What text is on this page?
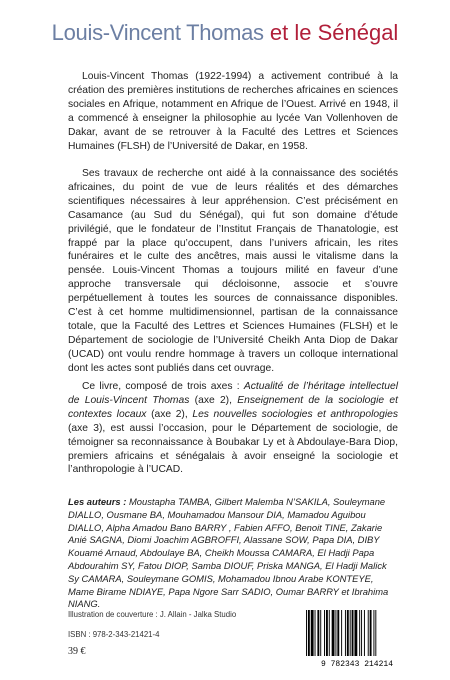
Louis-Vincent Thomas et le Sénégal

Louis-Vincent Thomas (1922-1994) a activement contribué à la création des premières institutions de recherches africaines en sciences sociales en Afrique, notamment en Afrique de l’Ouest. Arrivé en 1948, il a commencé à enseigner la philosophie au lycée Van Vollenhoven de Dakar, avant de se retrouver à la Faculté des Lettres et Sciences Humaines (FLSH) de l’Université de Dakar, en 1958.

Ses travaux de recherche ont aidé à la connaissance des sociétés africaines, du point de vue de leurs réalités et des démarches scientifiques nécessaires à leur appréhension. C’est précisément en Casamance (au Sud du Sénégal), qui fut son domaine d’étude privilégié, que le fondateur de l’Institut Français de Thanatologie, est frappé par la place qu’occupent, dans l’univers africain, les rites funéraires et le culte des ancêtres, mais aussi le vitalisme dans la pensée. Louis-Vincent Thomas a toujours milité en faveur d’une approche transversale qui décloisonne, associe et s’ouvre perpétuellement à toutes les sources de connaissance disponibles. C’est à cet homme multidimensionnel, partisan de la connaissance totale, que la Faculté des Lettres et Sciences Humaines (FLSH) et le Département de sociologie de l’Université Cheikh Anta Diop de Dakar (UCAD) ont voulu rendre hommage à travers un colloque international dont les actes sont publiés dans cet ouvrage.

Ce livre, composé de trois axes : Actualité de l’héritage intellectuel de Louis-Vincent Thomas (axe 2), Enseignement de la sociologie et contextes locaux (axe 2), Les nouvelles sociologies et anthropologies (axe 3), est aussi l’occasion, pour le Département de sociologie, de témoigner sa reconnaissance à Boubakar Ly et à Abdoulaye-Bara Diop, premiers africains et sénégalais à avoir enseigné la sociologie et l’anthropologie à l’UCAD.

Les auteurs : Moustapha TAMBA, Gilbert Malemba N’SAKILA, Souleymane DIALLO, Ousmane BA, Mouhamadou Mansour DIA, Mamadou Aguibou DIALLO, Alpha Amadou Bano BARRY , Fabien AFFO, Benoit TINE, Zakarie Anié SAGNA, Diomi Joachim AGBROFFI, Alassane SOW, Papa DIA, DIBY Kouamé Arnaud, Abdoulaye BA, Cheikh Moussa CAMARA, El Hadji Papa Abdourahim SY, Fatou DIOP, Samba DIOUF, Priska MANGA, El Hadji Malick Sy CAMARA, Souleymane GOMIS, Mohamadou Ibnou Arabe KONTEYE, Mame Birame NDIAYE, Papa Ngore Sarr SADIO, Oumar BARRY et Ibrahima NIANG.

Illustration de couverture : J. Allain - Jalka Studio
ISBN : 978-2-343-21421-4
39 €
9 782343 214214
